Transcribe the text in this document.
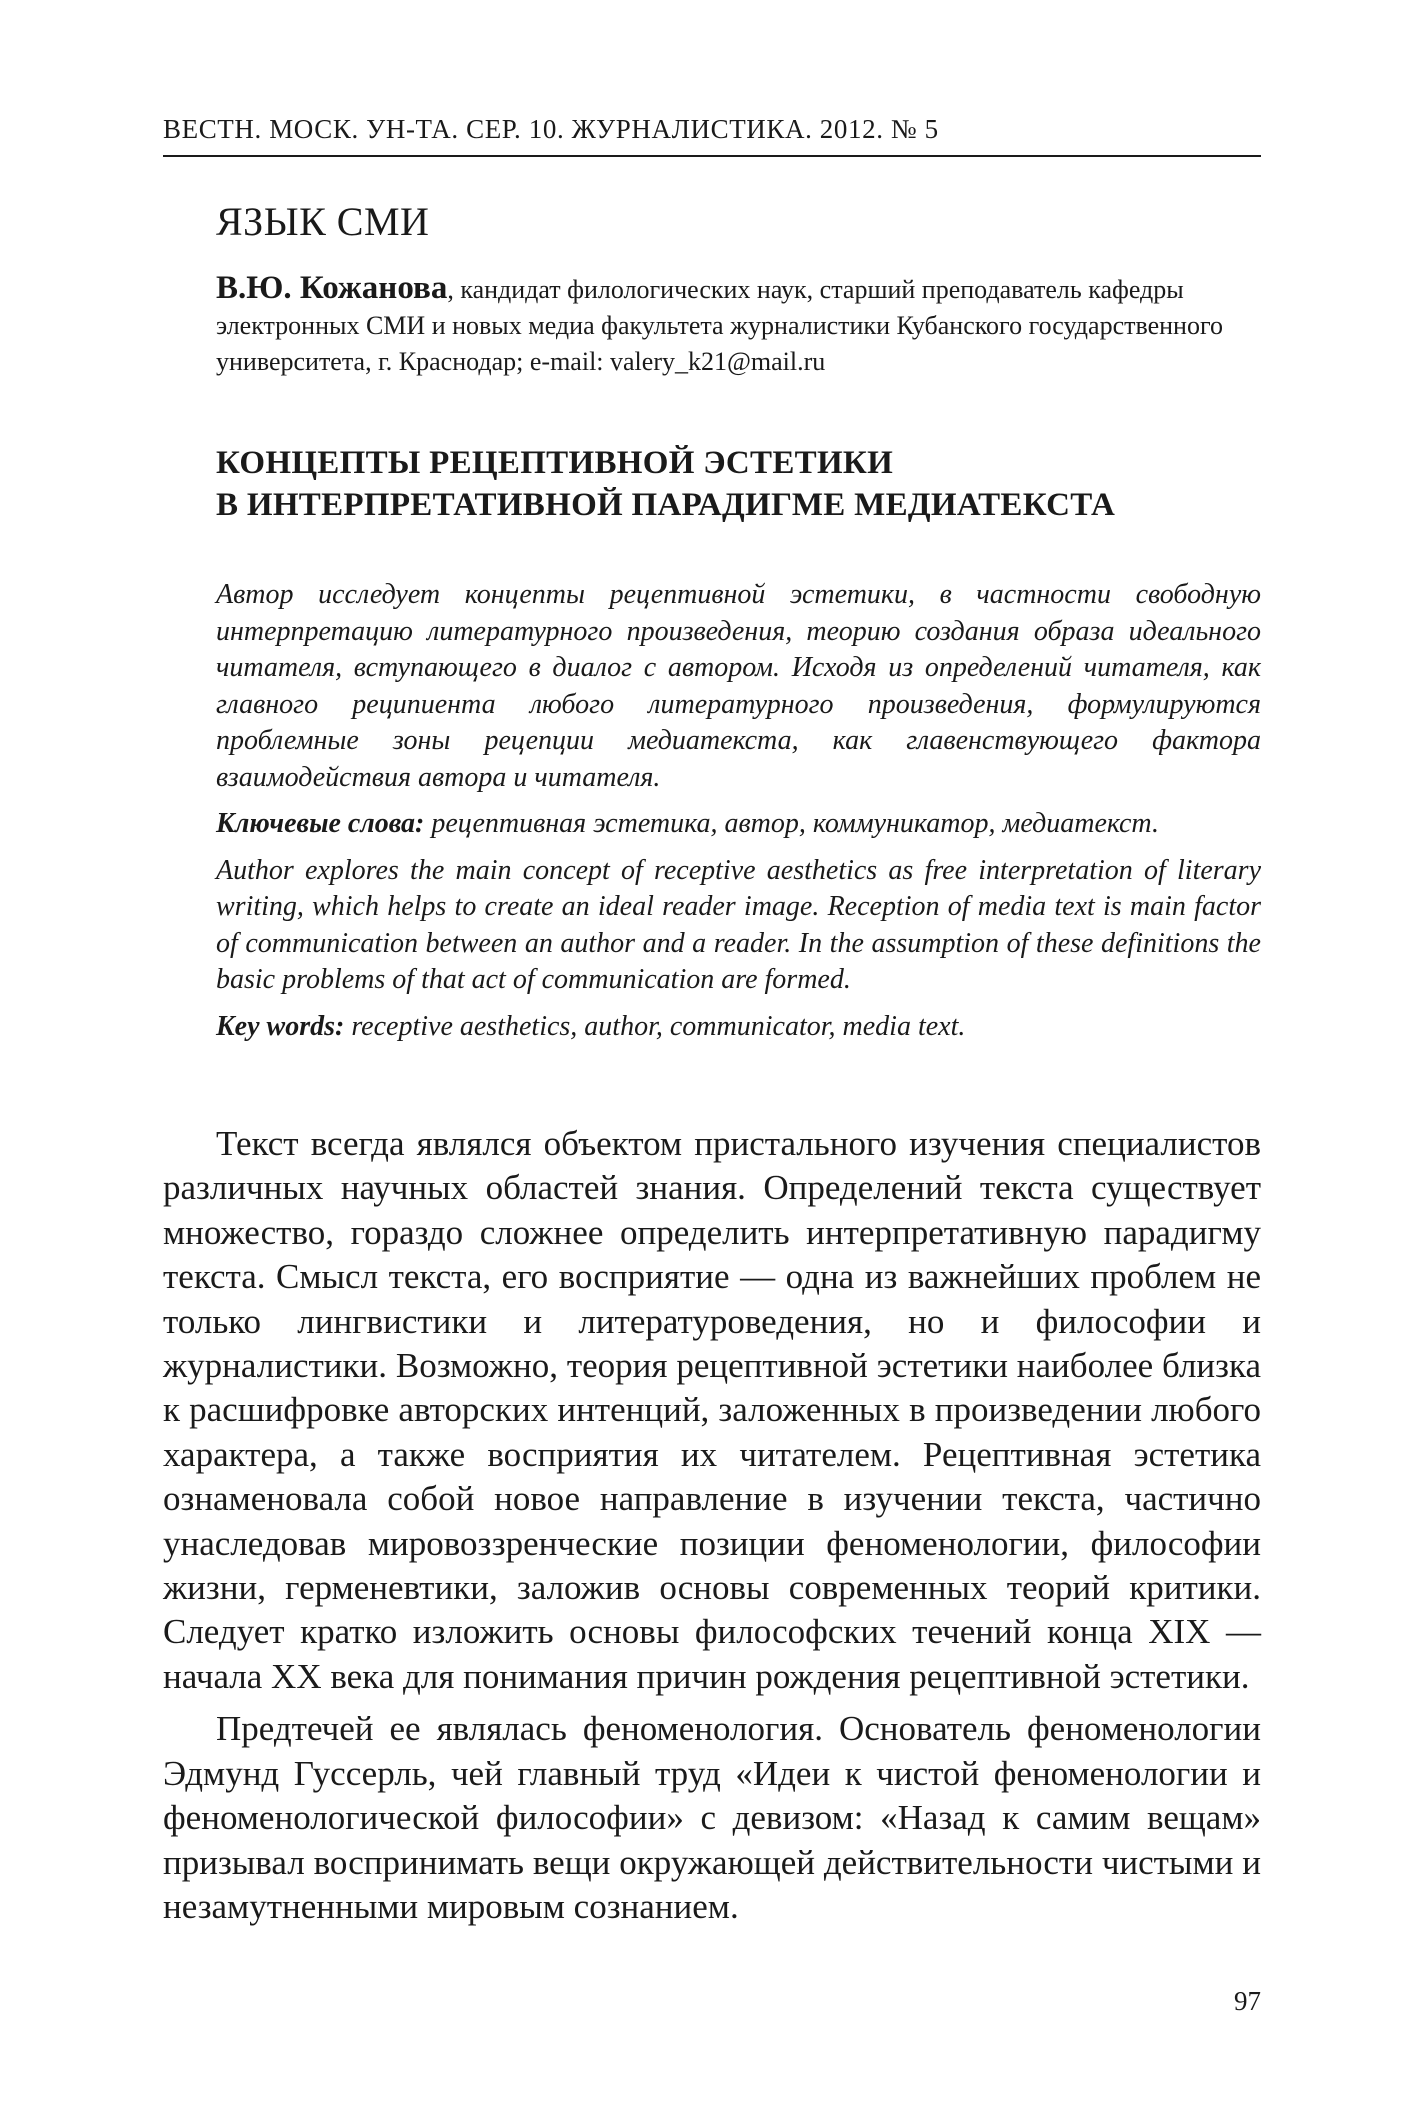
ВЕСТН. МОСК. УН-ТА. СЕР. 10. ЖУРНАЛИСТИКА. 2012. № 5
ЯЗЫК СМИ
В.Ю. Кожанова, кандидат филологических наук, старший преподаватель кафедры электронных СМИ и новых медиа факультета журналистики Кубанского государственного университета, г. Краснодар; e-mail: valery_k21@mail.ru
КОНЦЕПТЫ РЕЦЕПТИВНОЙ ЭСТЕТИКИ
В ИНТЕРПРЕТАТИВНОЙ ПАРАДИГМЕ МЕДИАТЕКСТА

Автор исследует концепты рецептивной эстетики, в частности свободную интерпретацию литературного произведения, теорию создания образа идеального читателя, вступающего в диалог с автором. Исходя из определений читателя, как главного реципиента любого литературного произведения, формулируются проблемные зоны рецепции медиатекста, как главенствующего фактора взаимодействия автора и читателя.

Ключевые слова: рецептивная эстетика, автор, коммуникатор, медиатекст.

Author explores the main concept of receptive aesthetics as free interpretation of literary writing, which helps to create an ideal reader image. Reception of media text is main factor of communication between an author and a reader. In the assumption of these definitions the basic problems of that act of communication are formed.

Key words: receptive aesthetics, author, communicator, media text.

Текст всегда являлся объектом пристального изучения специалистов различных научных областей знания. Определений текста существует множество, гораздо сложнее определить интерпретативную парадигму текста. Смысл текста, его восприятие — одна из важнейших проблем не только лингвистики и литературоведения, но и философии и журналистики. Возможно, теория рецептивной эстетики наиболее близка к расшифровке авторских интенций, заложенных в произведении любого характера, а также восприятия их читателем. Рецептивная эстетика ознаменовала собой новое направление в изучении текста, частично унаследовав мировоззренческие позиции феноменологии, философии жизни, герменевтики, заложив основы современных теорий критики. Следует кратко изложить основы философских течений конца XIX — начала XX века для понимания причин рождения рецептивной эстетики.

Предтечей ее являлась феноменология. Основатель феноменологии Эдмунд Гуссерль, чей главный труд «Идеи к чистой феноменологии и феноменологической философии» с девизом: «Назад к самим вещам» призывал воспринимать вещи окружающей действительности чистыми и незамутненными мировым сознанием.

97
